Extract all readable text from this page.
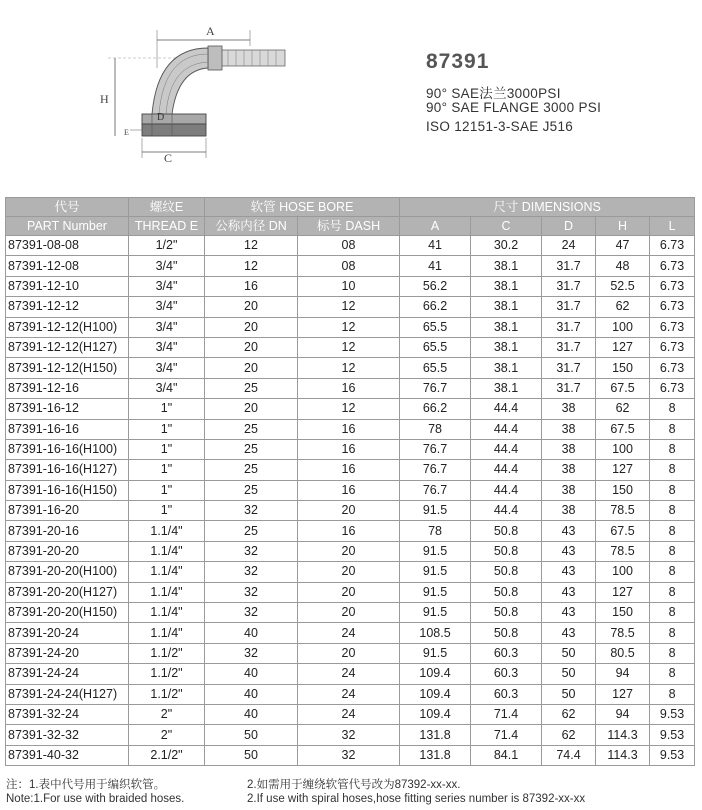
A
H
D
E
C
87391
90° SAE法兰3000PSI
90° SAE FLANGE 3000 PSI
ISO 12151-3-SAE J516
代号	螺纹E	软管 HOSE BORE		尺寸 DIMENSIONS				
PART Number	THREAD E	公称内径 DN	标号 DASH	A	C	D	H	L
87391-08-08	1/2"	12	08	41	30.2	24	47	6.73
87391-12-08	3/4"	12	08	41	38.1	31.7	48	6.73
87391-12-10	3/4"	16	10	56.2	38.1	31.7	52.5	6.73
87391-12-12	3/4"	20	12	66.2	38.1	31.7	62	6.73
87391-12-12(H100)	3/4"	20	12	65.5	38.1	31.7	100	6.73
87391-12-12(H127)	3/4"	20	12	65.5	38.1	31.7	127	6.73
87391-12-12(H150)	3/4"	20	12	65.5	38.1	31.7	150	6.73
87391-12-16	3/4"	25	16	76.7	38.1	31.7	67.5	6.73
87391-16-12	1"	20	12	66.2	44.4	38	62	8
87391-16-16	1"	25	16	78	44.4	38	67.5	8
87391-16-16(H100)	1"	25	16	76.7	44.4	38	100	8
87391-16-16(H127)	1"	25	16	76.7	44.4	38	127	8
87391-16-16(H150)	1"	25	16	76.7	44.4	38	150	8
87391-16-20	1"	32	20	91.5	44.4	38	78.5	8
87391-20-16	1.1/4"	25	16	78	50.8	43	67.5	8
87391-20-20	1.1/4"	32	20	91.5	50.8	43	78.5	8
87391-20-20(H100)	1.1/4"	32	20	91.5	50.8	43	100	8
87391-20-20(H127)	1.1/4"	32	20	91.5	50.8	43	127	8
87391-20-20(H150)	1.1/4"	32	20	91.5	50.8	43	150	8
87391-20-24	1.1/4"	40	24	108.5	50.8	43	78.5	8
87391-24-20	1.1/2"	32	20	91.5	60.3	50	80.5	8
87391-24-24	1.1/2"	40	24	109.4	60.3	50	94	8
87391-24-24(H127)	1.1/2"	40	24	109.4	60.3	50	127	8
87391-32-24	2"	40	24	109.4	71.4	62	94	9.53
87391-32-32	2"	50	32	131.8	71.4	62	114.3	9.53
87391-40-32	2.1/2"	50	32	131.8	84.1	74.4	114.3	9.53
注：1.表中代号用于编织软管。	2.如需用于缠绕软管代号改为87392-xx-xx.
Note:1.For use with braided hoses.	2.If use with spiral hoses,hose fitting series number is 87392-xx-xx
